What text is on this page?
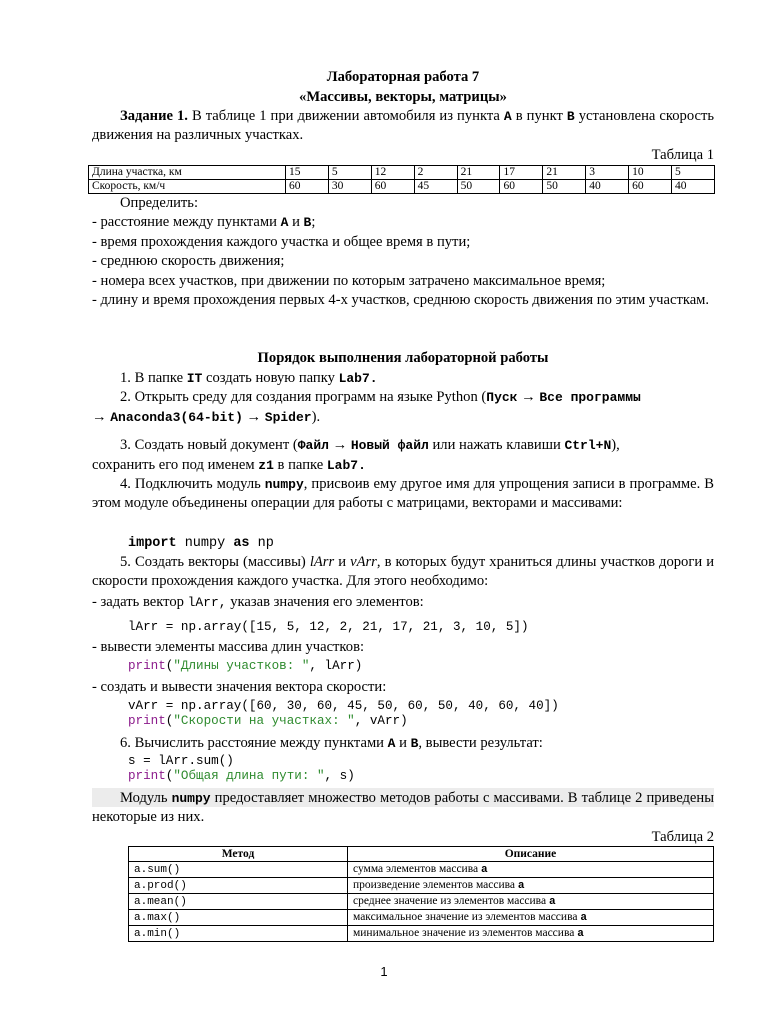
Лабораторная работа 7
«Массивы, векторы, матрицы»
Задание 1. В таблице 1 при движении автомобиля из пункта A в пункт B установлена скорость движения на различных участках.
Таблица 1
Длина участка, км	15	5	12	2	21	17	21	3	10	5
Скорость, км/ч	60	30	60	45	50	60	50	40	60	40
Определить:
- расстояние между пунктами A и B;
- время прохождения каждого участка и общее время в пути;
- среднюю скорость движения;
- номера всех участков, при движении по которым затрачено максимальное время;
- длину и время прохождения первых 4-х участков, среднюю скорость движения по этим участкам.
Порядок выполнения лабораторной работы
1. В папке IT создать новую папку Lab7.
2. Открыть среду для создания программ на языке Python (Пуск → Все программы
→ Anaconda3(64-bit) → Spider).
3. Создать новый документ (Файл → Новый файл или нажать клавиши Ctrl+N),
сохранить его под именем z1 в папке Lab7.
4. Подключить модуль numpy, присвоив ему другое имя для упрощения записи в программе. В этом модуле объединены операции для работы с матрицами, векторами и массивами:
import numpy as np
5. Создать векторы (массивы) lArr и vArr, в которых будут храниться длины участков дороги и скорости прохождения каждого участка. Для этого необходимо:
- задать вектор lArr, указав значения его элементов:
lArr = np.array([15, 5, 12, 2, 21, 17, 21, 3, 10, 5])
- вывести элементы массива длин участков:
print("Длины участков: ", lArr)
- создать и вывести значения вектора скорости:
vArr = np.array([60, 30, 60, 45, 50, 60, 50, 40, 60, 40])
print("Скорости на участках: ", vArr)
6. Вычислить расстояние между пунктами A и B, вывести результат:
s = lArr.sum()
print("Общая длина пути: ", s)
Модуль numpy предоставляет множество методов работы с массивами. В таблице 2 приведены некоторые из них.
Таблица 2
Метод	Описание
a.sum()	сумма элементов массива a
a.prod()	произведение элементов массива a
a.mean()	среднее значение из элементов массива a
a.max()	максимальное значение из элементов массива a
a.min()	минимальное значение из элементов массива a
1
